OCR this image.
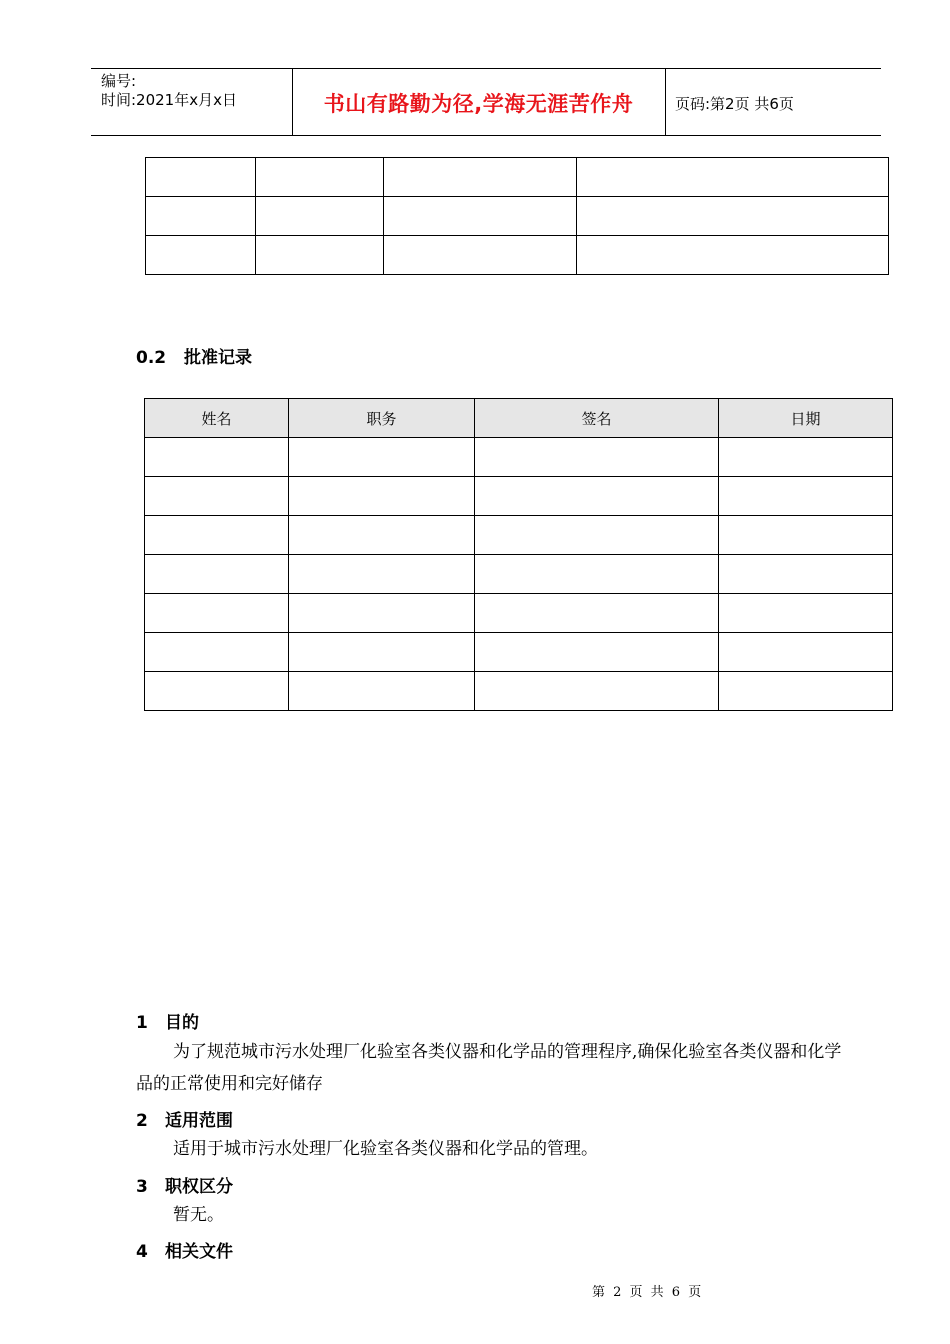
编号:
时间:2021年x月x日	书山有路勤为径,学海无涯苦作舟	页码:第2页 共6页

0.2 批准记录
姓名	职务	签名	日期

1 目的
为了规范城市污水处理厂化验室各类仪器和化学品的管理程序,确保化验室各类仪器和化学品的正常使用和完好储存
2 适用范围
适用于城市污水处理厂化验室各类仪器和化学品的管理。
3 职权区分
暂无。
4 相关文件
第 2 页 共 6 页
